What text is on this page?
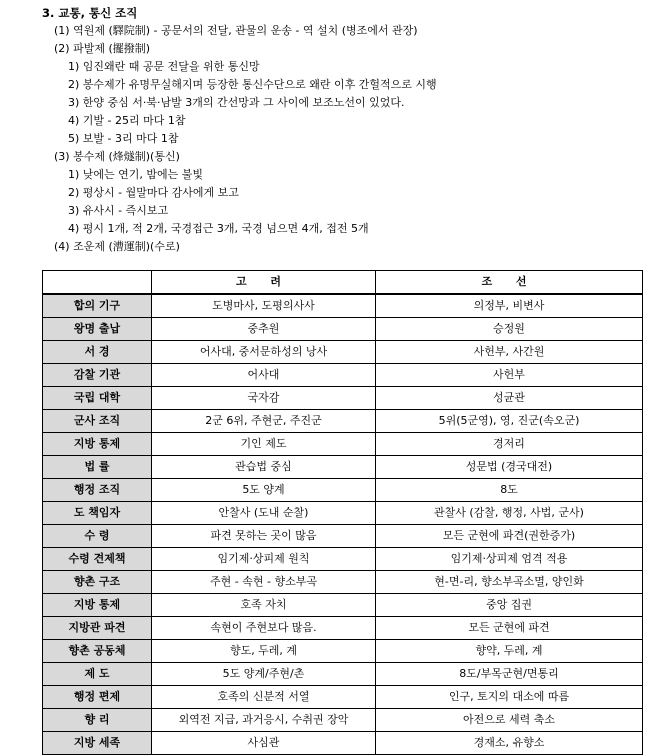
3. 교통, 통신 조직
(1) 역원제 (驛院制) - 공문서의 전달, 관물의 운송 - 역 설치 (병조에서 관장)
(2) 파발제 (擺撥制)
1) 임진왜란 때 공문 전달을 위한 통신망
2) 봉수제가 유명무실해지며 등장한 통신수단으로 왜란 이후 간헐적으로 시행
3) 한양 중심 서·북·남발 3개의 간선망과 그 사이에 보조노선이 있었다.
4) 기발 - 25리 마다 1참
5) 보발 - 3리 마다 1참
(3) 봉수제 (烽燧制)(통신)
1) 낮에는 연기, 밤에는 불빛
2) 평상시 - 월말마다 감사에게 보고
3) 유사시 - 즉시보고
4) 평시 1개, 적 2개, 국경접근 3개, 국경 넘으면 4개, 접전 5개
(4) 조운제 (漕運制)(수로)
	고 려	조 선
합의 기구	도병마사, 도평의사사	의정부, 비변사
왕명 출납	중추원	승정원
서 경	어사대, 중서문하성의 낭사	사헌부, 사간원
감찰 기관	어사대	사헌부
국립 대학	국자감	성균관
군사 조직	2군 6위, 주현군, 주진군	5위(5군영), 영, 진군(속오군)
지방 통제	기인 제도	경저리
법 률	관습법 중심	성문법 (경국대전)
행정 조직	5도 양계	8도
도 책임자	안찰사 (도내 순찰)	관찰사 (감찰, 행정, 사법, 군사)
수 령	파견 못하는 곳이 많음	모든 군현에 파견(권한증가)
수령 견제책	임기제·상피제 원칙	임기제·상피제 엄격 적용
향촌 구조	주현 - 속현 - 향소부곡	현-면-리, 향소부곡소멸, 양인화
지방 통제	호족 자치	중앙 집권
지방관 파견	속현이 주현보다 많음.	모든 군현에 파견
향촌 공동체	향도, 두레, 계	향약, 두레, 계
제 도	5도 양계/주현/촌	8도/부목군현/면통리
행정 편제	호족의 신분적 서열	인구, 토지의 대소에 따름
향 리	외역전 지급, 과거응시, 수취권 장악	아전으로 세력 축소
지방 세족	사심관	경재소, 유향소
